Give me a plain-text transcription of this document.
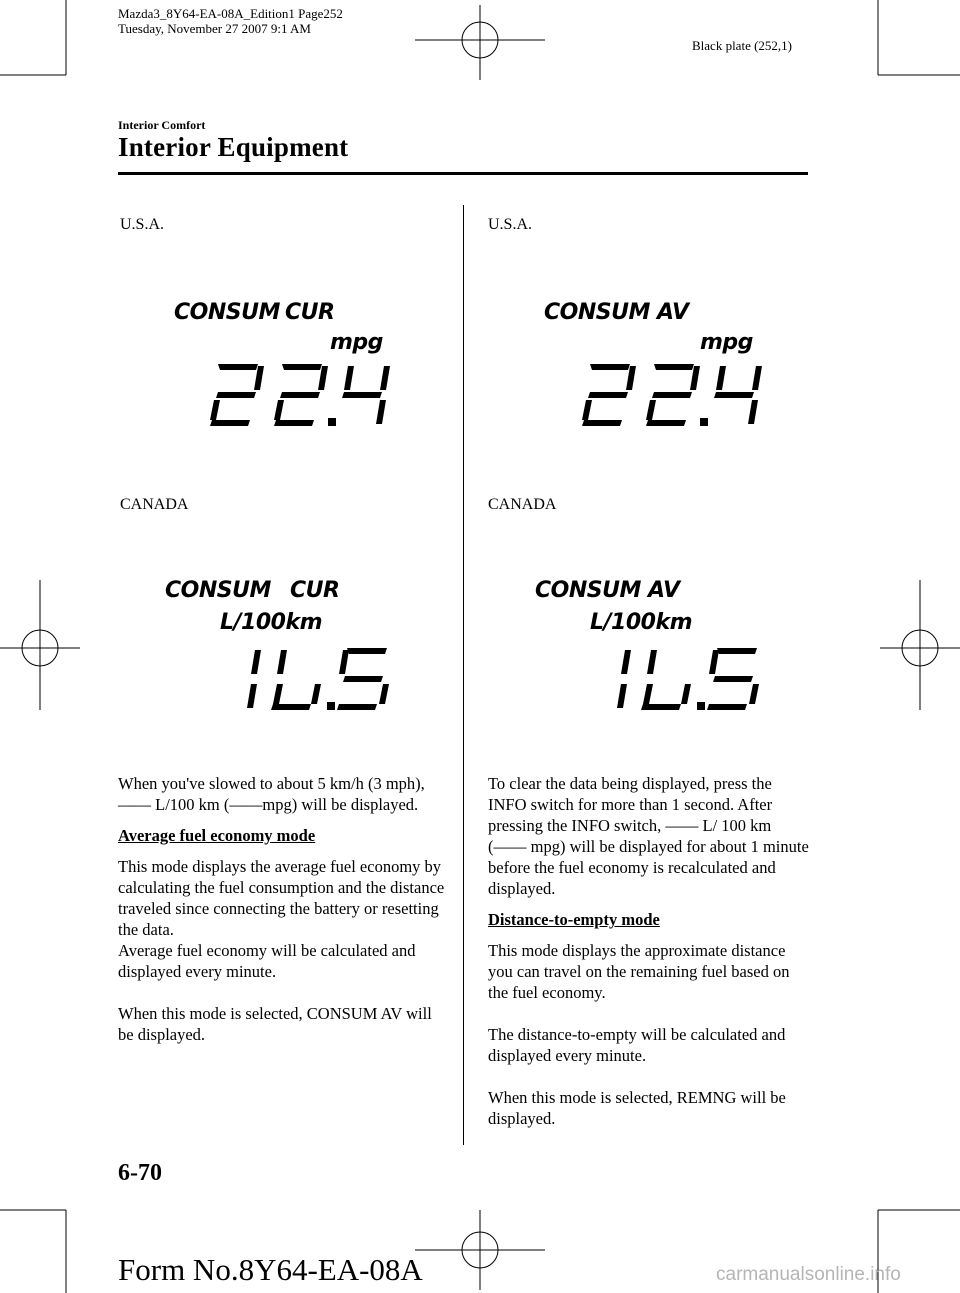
Mazda3_8Y64-EA-08A_Edition1 Page252
Tuesday, November 27 2007 9:1 AM
Black plate (252,1)
Interior Comfort
Interior Equipment
U.S.A.	U.S.A.
CANADA	CANADA
CONSUM CUR
mpg
CONSUM AV
mpg
CONSUM CUR
L/100km
CONSUM AV
L/100km

When you've slowed to about 5 km/h (3 mph), —— L/100 km (——mpg) will be displayed.

Average fuel economy mode

This mode displays the average fuel economy by calculating the fuel consumption and the distance traveled since connecting the battery or resetting the data.

Average fuel economy will be calculated and displayed every minute.

When this mode is selected, CONSUM AV will be displayed.

To clear the data being displayed, press the INFO switch for more than 1 second. After pressing the INFO switch, —— L/ 100 km (—— mpg) will be displayed for about 1 minute before the fuel economy is recalculated and displayed.

Distance-to-empty mode

This mode displays the approximate distance you can travel on the remaining fuel based on the fuel economy.

The distance-to-empty will be calculated and displayed every minute.

When this mode is selected, REMNG will be displayed.

6-70
Form No.8Y64-EA-08A	carmanualsonline.info
